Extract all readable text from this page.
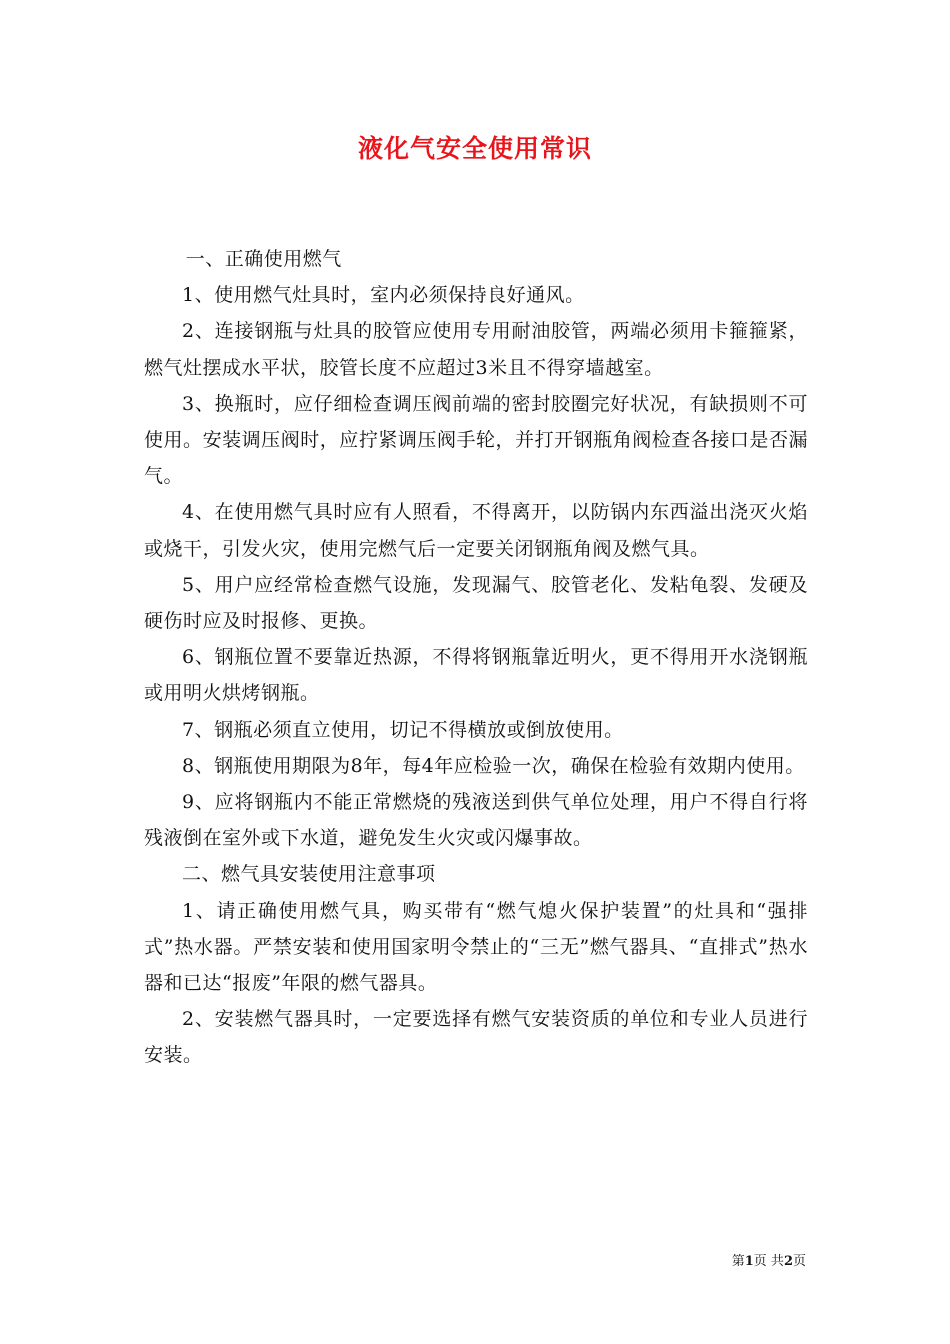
液化气安全使用常识

一、正确使用燃气

1、使用燃气灶具时，室内必须保持良好通风。

2、连接钢瓶与灶具的胶管应使用专用耐油胶管，两端必须用卡箍箍紧，燃气灶摆成水平状，胶管长度不应超过3米且不得穿墙越室。

3、换瓶时，应仔细检查调压阀前端的密封胶圈完好状况，有缺损则不可使用。安装调压阀时，应拧紧调压阀手轮，并打开钢瓶角阀检查各接口是否漏气。

4、在使用燃气具时应有人照看，不得离开，以防锅内东西溢出浇灭火焰或烧干，引发火灾，使用完燃气后一定要关闭钢瓶角阀及燃气具。

5、用户应经常检查燃气设施，发现漏气、胶管老化、发粘龟裂、发硬及硬伤时应及时报修、更换。

6、钢瓶位置不要靠近热源，不得将钢瓶靠近明火，更不得用开水浇钢瓶或用明火烘烤钢瓶。

7、钢瓶必须直立使用，切记不得横放或倒放使用。

8、钢瓶使用期限为8年，每4年应检验一次，确保在检验有效期内使用。

9、应将钢瓶内不能正常燃烧的残液送到供气单位处理，用户不得自行将残液倒在室外或下水道，避免发生火灾或闪爆事故。

二、燃气具安装使用注意事项

1、请正确使用燃气具，购买带有“燃气熄火保护装置”的灶具和“强排式”热水器。严禁安装和使用国家明令禁止的“三无”燃气器具、“直排式”热水器和已达“报废”年限的燃气器具。

2、安装燃气器具时，一定要选择有燃气安装资质的单位和专业人员进行安装。

第1页 共2页
